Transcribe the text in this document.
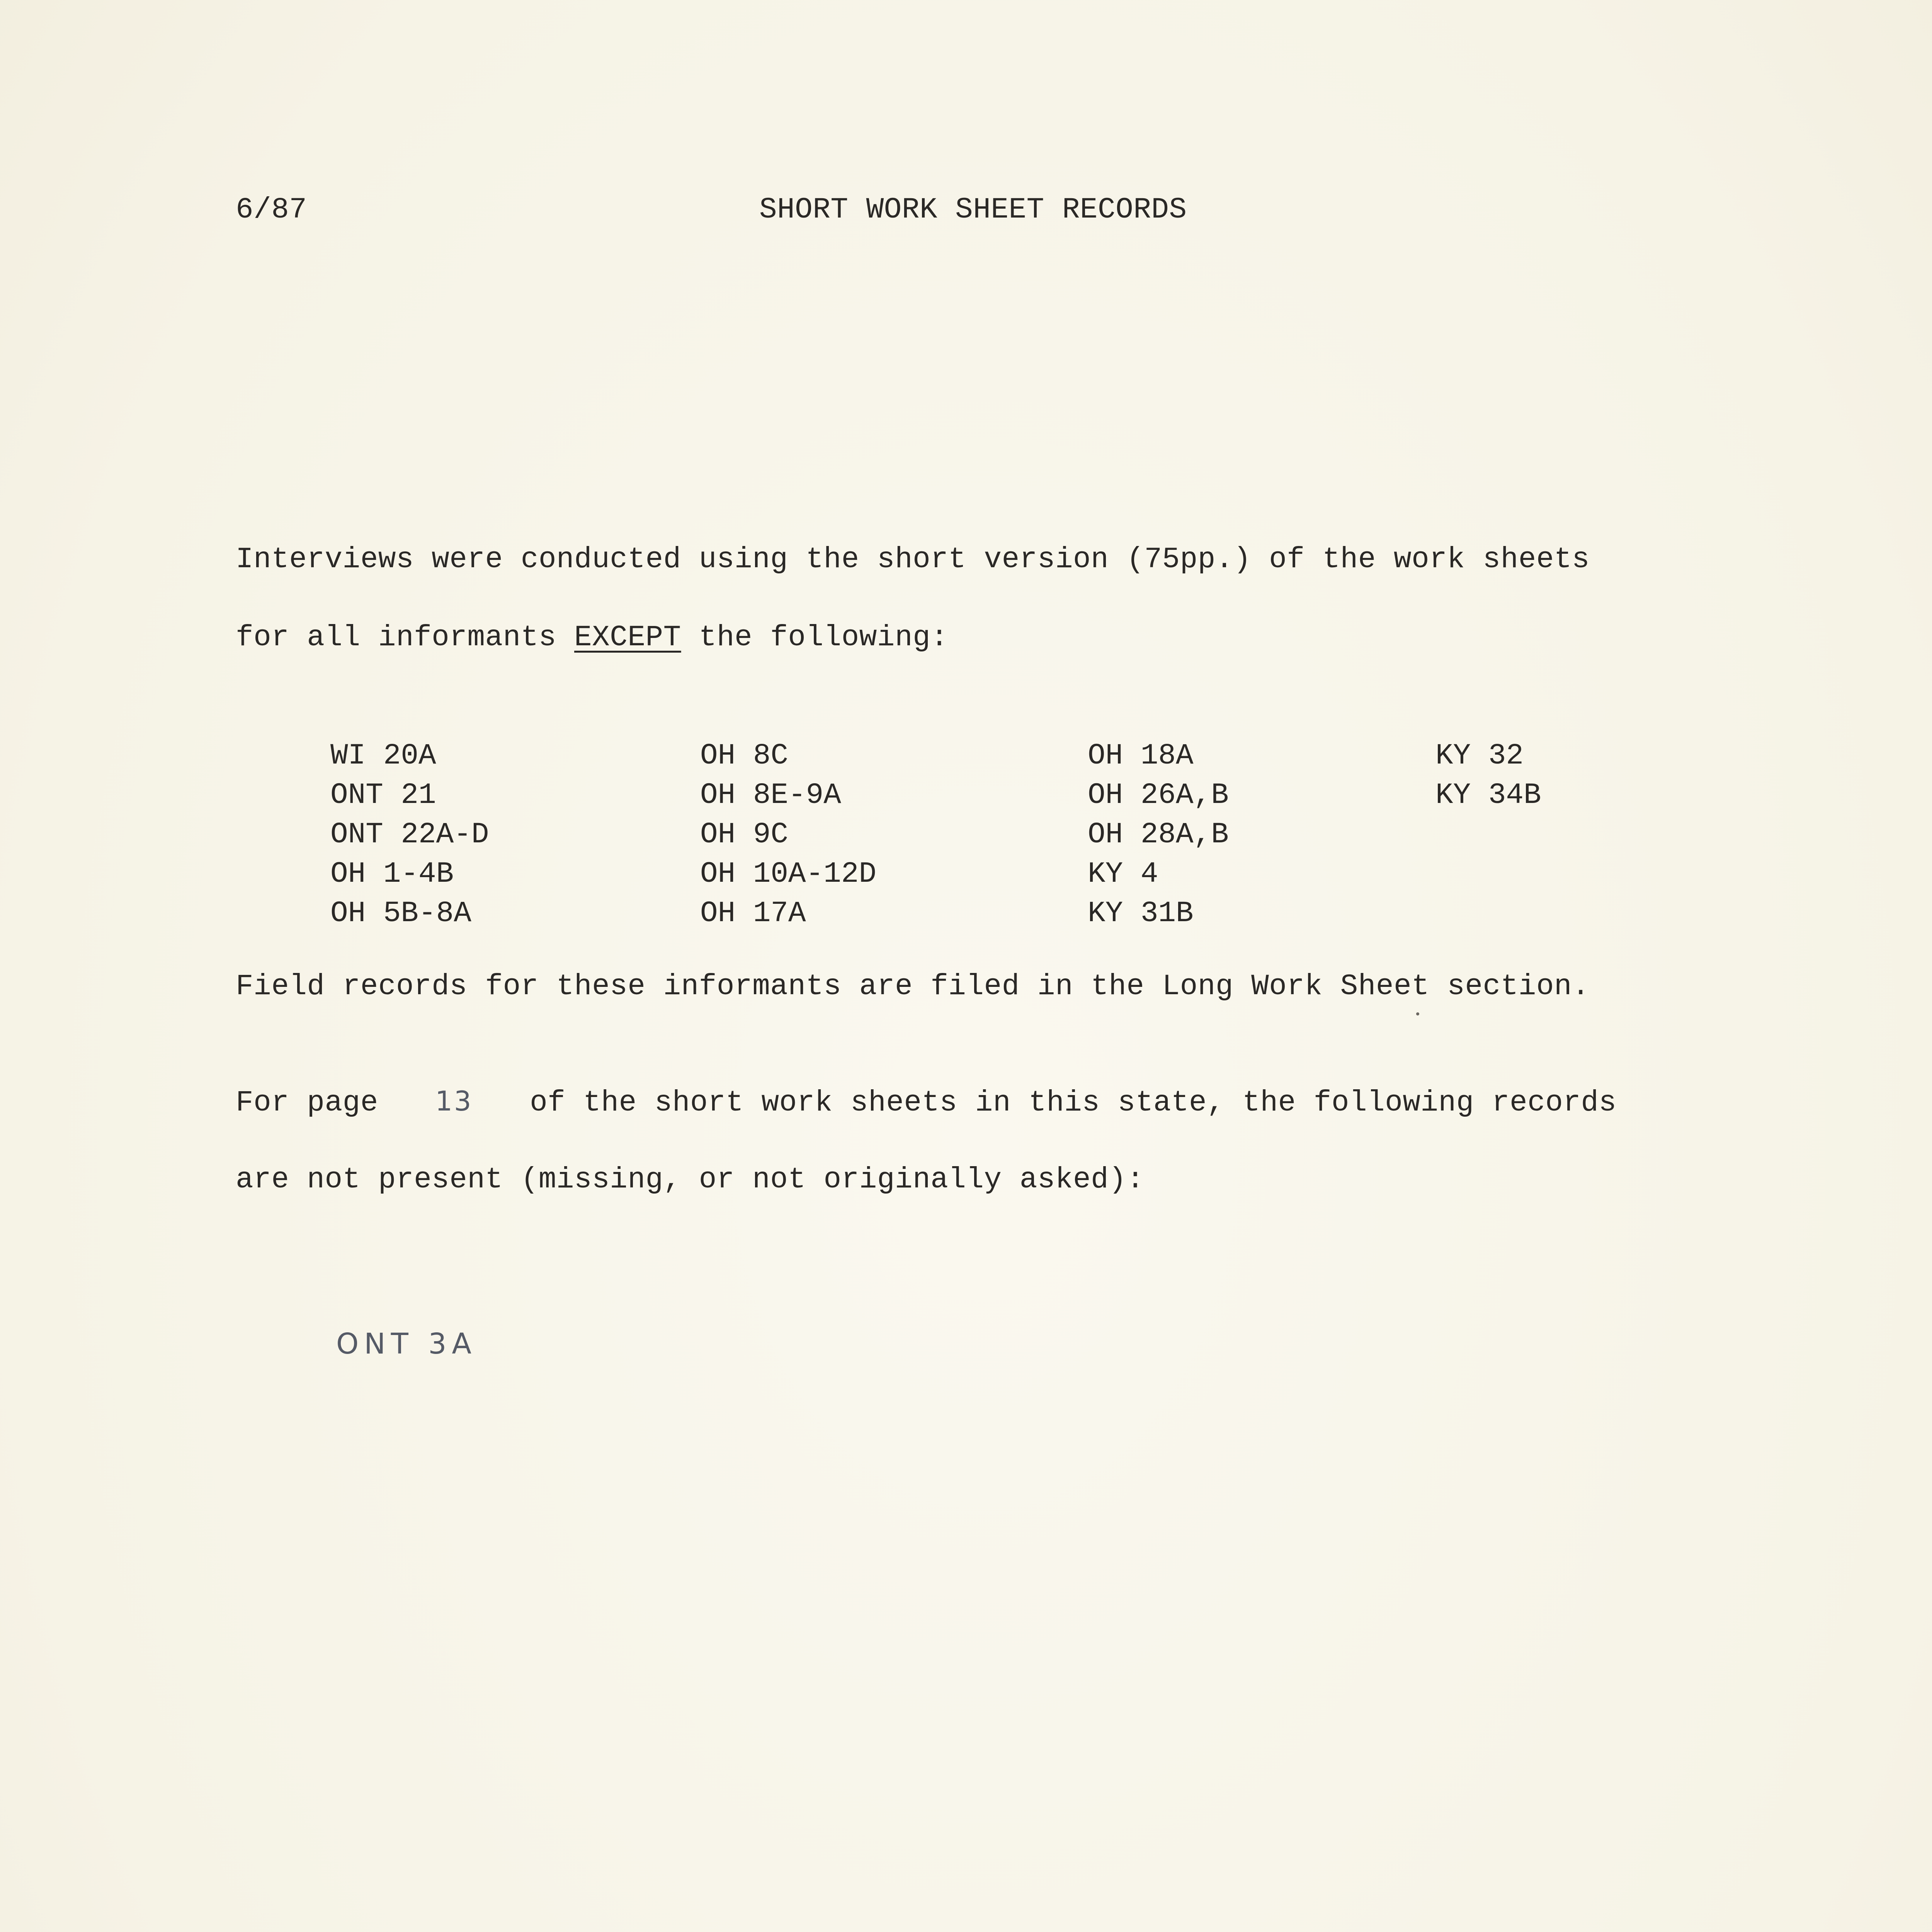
6/87	SHORT WORK SHEET RECORDS
Interviews were conducted using the short version (75pp.) of the work sheets
for all informants EXCEPT the following:
WI 20A
ONT 21
ONT 22A-D
OH 1-4B
OH 5B-8A
OH 8C
OH 8E-9A
OH 9C
OH 10A-12D
OH 17A
OH 18A
OH 26A,B
OH 28A,B
KY 4
KY 31B
KY 32
KY 34B
Field records for these informants are filed in the Long Work Sheet section.
For page 13 of the short work sheets in this state, the following records
are not present (missing, or not originally asked):
ONT 3A
